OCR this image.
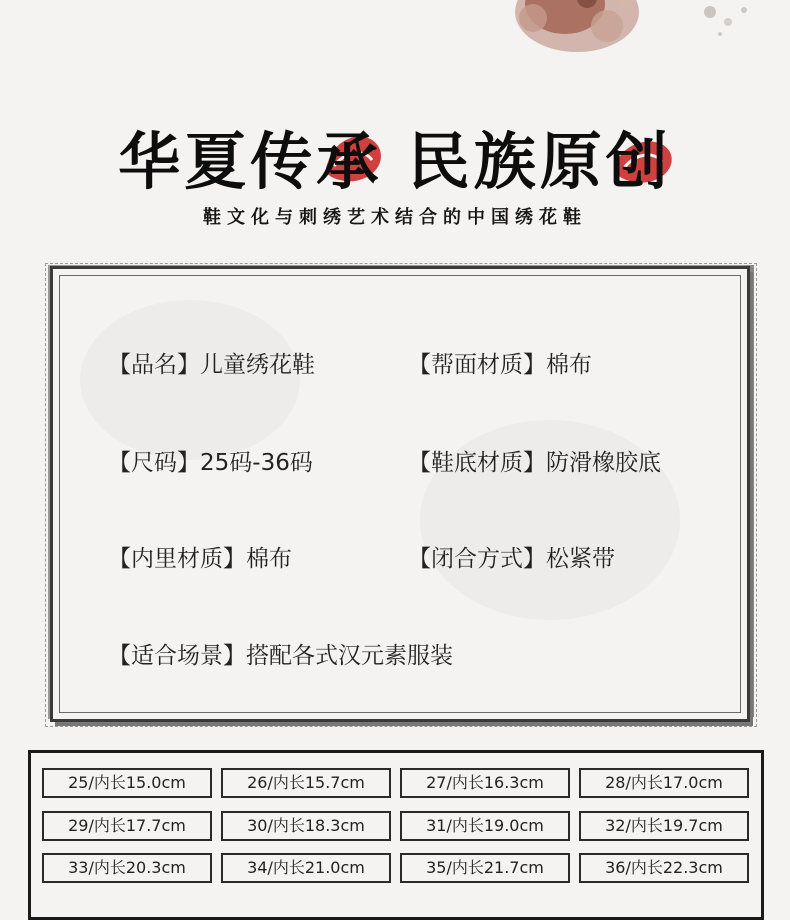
华夏传承 民族原创
鞋文化与刺绣艺术结合的中国绣花鞋
【品名】儿童绣花鞋	【帮面材质】棉布
【尺码】25码-36码	【鞋底材质】防滑橡胶底
【内里材质】棉布	【闭合方式】松紧带
【适合场景】搭配各式汉元素服装
25/内长15.0cm	26/内长15.7cm	27/内长16.3cm	28/内长17.0cm
29/内长17.7cm	30/内长18.3cm	31/内长19.0cm	32/内长19.7cm
33/内长20.3cm	34/内长21.0cm	35/内长21.7cm	36/内长22.3cm
